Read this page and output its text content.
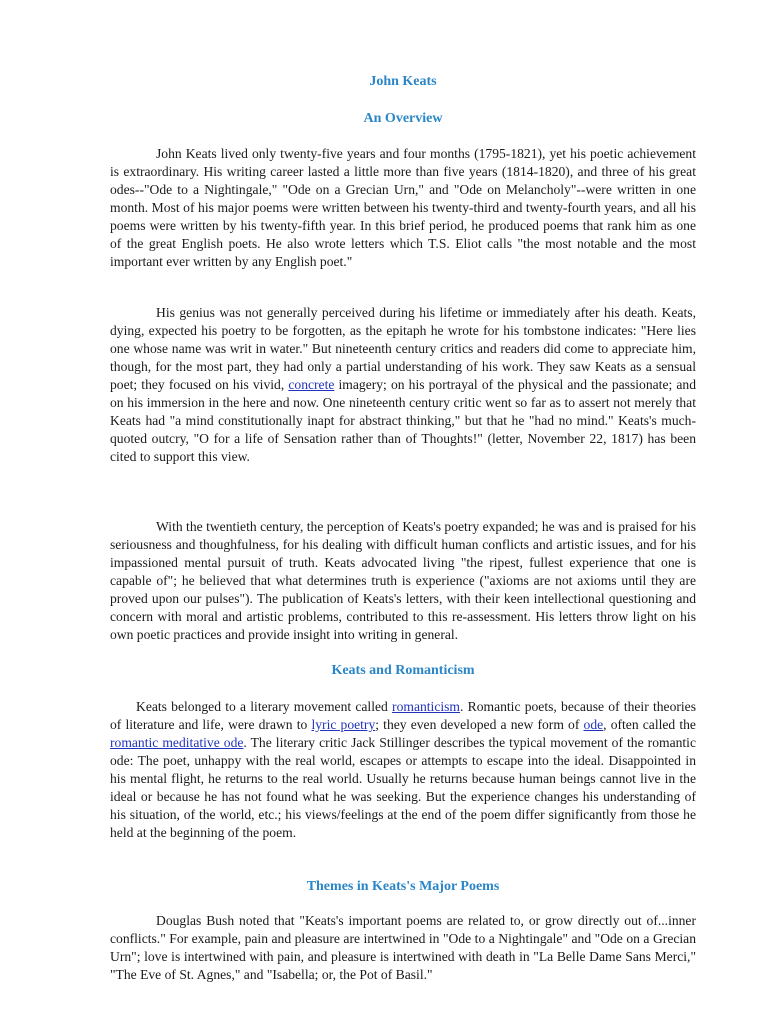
John Keats
An Overview

John Keats lived only twenty-five years and four months (1795-1821), yet his poetic achievement is extraordinary. His writing career lasted a little more than five years (1814-1820), and three of his great odes--"Ode to a Nightingale," "Ode on a Grecian Urn," and "Ode on Melancholy"--were written in one month. Most of his major poems were written between his twenty-third and twenty-fourth years, and all his poems were written by his twenty-fifth year. In this brief period, he produced poems that rank him as one of the great English poets. He also wrote letters which T.S. Eliot calls "the most notable and the most important ever written by any English poet."

His genius was not generally perceived during his lifetime or immediately after his death. Keats, dying, expected his poetry to be forgotten, as the epitaph he wrote for his tombstone indicates: "Here lies one whose name was writ in water." But nineteenth century critics and readers did come to appreciate him, though, for the most part, they had only a partial understanding of his work. They saw Keats as a sensual poet; they focused on his vivid, concrete imagery; on his portrayal of the physical and the passionate; and on his immersion in the here and now. One nineteenth century critic went so far as to assert not merely that Keats had "a mind constitutionally inapt for abstract thinking," but that he "had no mind." Keats's much-quoted outcry, "O for a life of Sensation rather than of Thoughts!" (letter, November 22, 1817) has been cited to support this view.

With the twentieth century, the perception of Keats's poetry expanded; he was and is praised for his seriousness and thoughfulness, for his dealing with difficult human conflicts and artistic issues, and for his impassioned mental pursuit of truth. Keats advocated living "the ripest, fullest experience that one is capable of"; he believed that what determines truth is experience ("axioms are not axioms until they are proved upon our pulses"). The publication of Keats's letters, with their keen intellectional questioning and concern with moral and artistic problems, contributed to this re-assessment. His letters throw light on his own poetic practices and provide insight into writing in general.

Keats and Romanticism

Keats belonged to a literary movement called romanticism. Romantic poets, because of their theories of literature and life, were drawn to lyric poetry; they even developed a new form of ode, often called the romantic meditative ode. The literary critic Jack Stillinger describes the typical movement of the romantic ode: The poet, unhappy with the real world, escapes or attempts to escape into the ideal. Disappointed in his mental flight, he returns to the real world. Usually he returns because human beings cannot live in the ideal or because he has not found what he was seeking. But the experience changes his understanding of his situation, of the world, etc.; his views/feelings at the end of the poem differ significantly from those he held at the beginning of the poem.

Themes in Keats's Major Poems

Douglas Bush noted that "Keats's important poems are related to, or grow directly out of...inner conflicts." For example, pain and pleasure are intertwined in "Ode to a Nightingale" and "Ode on a Grecian Urn"; love is intertwined with pain, and pleasure is intertwined with death in "La Belle Dame Sans Merci," "The Eve of St. Agnes," and "Isabella; or, the Pot of Basil."
